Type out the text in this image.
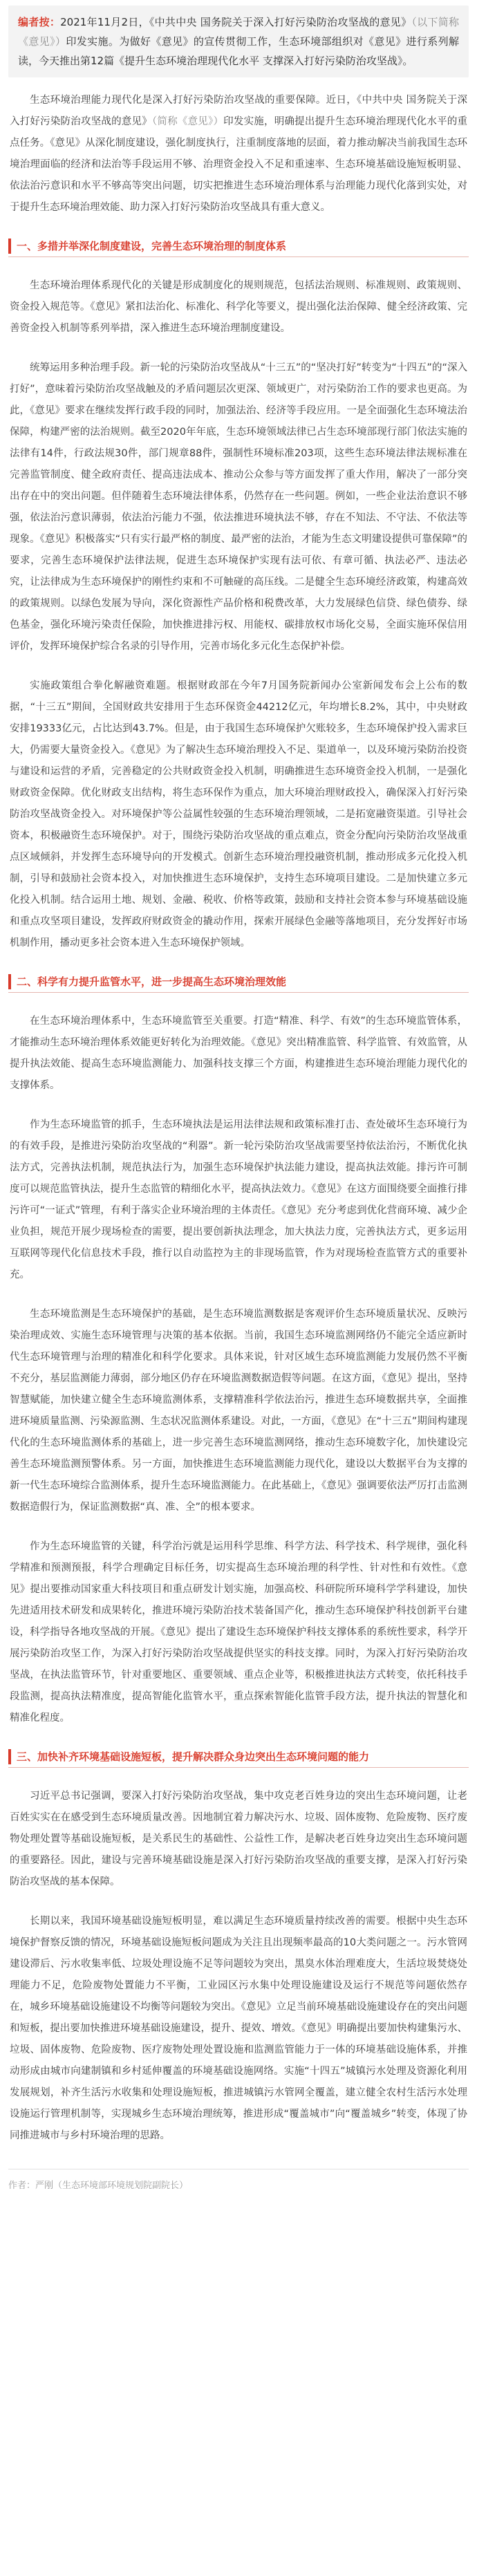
编者按：2021年11月2日，《中共中央 国务院关于深入打好污染防治攻坚战的意见》（以下简称《意见》）印发实施。为做好《意见》的宣传贯彻工作，生态环境部组织对《意见》进行系列解读，今天推出第12篇《提升生态环境治理现代化水平 支撑深入打好污染防治攻坚战》。

生态环境治理能力现代化是深入打好污染防治攻坚战的重要保障。近日，《中共中央 国务院关于深入打好污染防治攻坚战的意见》（简称《意见》）印发实施，明确提出提升生态环境治理现代化水平的重点任务。《意见》从深化制度建设，强化制度执行，注重制度落地的层面，着力推动解决当前我国生态环境治理面临的经济和法治等手段运用不够、治理资金投入不足和重速率、生态环境基础设施短板明显、依法治污意识和水平不够高等突出问题，切实把推进生态环境治理体系与治理能力现代化落到实处，对于提升生态环境治理效能、助力深入打好污染防治攻坚战具有重大意义。

一、多措并举深化制度建设，完善生态环境治理的制度体系

生态环境治理体系现代化的关键是形成制度化的规则规范，包括法治规则、标准规则、政策规则、资金投入规范等。《意见》紧扣法治化、标准化、科学化等要义，提出强化法治保障、健全经济政策、完善资金投入机制等系列举措，深入推进生态环境治理制度建设。

统筹运用多种治理手段。新一轮的污染防治攻坚战从“十三五”的“坚决打好”转变为“十四五”的“深入打好”，意味着污染防治攻坚战触及的矛盾问题层次更深、领域更广，对污染防治工作的要求也更高。为此，《意见》要求在继续发挥行政手段的同时，加强法治、经济等手段应用。一是全面强化生态环境法治保障，构建严密的法治规则。截至2020年年底，生态环境领域法律已占生态环境部现行部门依法实施的法律有14件，行政法规30件，部门规章88件，强制性环境标准203项，这些生态环境法律法规标准在完善监管制度、健全政府责任、提高违法成本、推动公众参与等方面发挥了重大作用，解决了一部分突出存在中的突出问题。但伴随着生态环境法律体系，仍然存在一些问题。例如，一些企业法治意识不够强，依法治污意识薄弱，依法治污能力不强，依法推进环境执法不够，存在不知法、不守法、不依法等现象。《意见》积极落实“只有实行最严格的制度、最严密的法治，才能为生态文明建设提供可靠保障”的要求，完善生态环境保护法律法规，促进生态环境保护实现有法可依、有章可循、执法必严、违法必究，让法律成为生态环境保护的刚性约束和不可触碰的高压线。二是健全生态环境经济政策，构建高效的政策规则。以绿色发展为导向，深化资源性产品价格和税费改革，大力发展绿色信贷、绿色债券、绿色基金，强化环境污染责任保险，加快推进排污权、用能权、碳排放权市场化交易，全面实施环保信用评价，发挥环境保护综合名录的引导作用，完善市场化多元化生态保护补偿。

实施政策组合拳化解融资难题。根据财政部在今年7月国务院新闻办公室新闻发布会上公布的数据，“十三五”期间，全国财政共安排用于生态环保资金44212亿元，年均增长8.2%，其中，中央财政安排19333亿元，占比达到43.7%。但是，由于我国生态环境保护欠账较多，生态环境保护投入需求巨大，仍需要大量资金投入。《意见》为了解决生态环境治理投入不足、渠道单一，以及环境污染防治投资与建设和运营的矛盾，完善稳定的公共财政资金投入机制，明确推进生态环境资金投入机制，一是强化财政资金保障。优化财政支出结构，将生态环保作为重点，加大环境治理财政投入，确保深入打好污染防治攻坚战资金投入。对环境保护等公益属性较强的生态环境治理领域，二是拓宽融资渠道。引导社会资本，积极融资生态环境保护。对于，围绕污染防治攻坚战的重点难点，资金分配向污染防治攻坚战重点区域倾斜，并发挥生态环境导向的开发模式。创新生态环境治理投融资机制，推动形成多元化投入机制，引导和鼓励社会资本投入，对加快推进生态环境保护，支持生态环境项目建设。二是加快建立多元化投入机制。结合运用土地、规划、金融、税收、价格等政策，鼓励和支持社会资本参与环境基础设施和重点攻坚项目建设，发挥政府财政资金的撬动作用，探索开展绿色金融等落地项目，充分发挥好市场机制作用，播动更多社会资本进入生态环境保护领域。

二、科学有力提升监管水平，进一步提高生态环境治理效能

在生态环境治理体系中，生态环境监管至关重要。打造“精准、科学、有效”的生态环境监管体系，才能推动生态环境治理体系效能更好转化为治理效能。《意见》突出精准监管、科学监管、有效监管，从提升执法效能、提高生态环境监测能力、加强科技支撑三个方面，构建推进生态环境治理能力现代化的支撑体系。

作为生态环境监管的抓手，生态环境执法是运用法律法规和政策标准打击、查处破坏生态环境行为的有效手段，是推进污染防治攻坚战的“利器”。新一轮污染防治攻坚战需要坚持依法治污，不断优化执法方式，完善执法机制，规范执法行为，加强生态环境保护执法能力建设，提高执法效能。排污许可制度可以规范监管执法，提升生态监管的精细化水平，提高执法效力。《意见》在这方面围绕要全面推行排污许可“一证式”管理，有利于落实企业环境治理的主体责任。《意见》充分考虑到优化营商环境、减少企业负担，规范开展少现场检查的需要，提出要创新执法理念，加大执法力度，完善执法方式，更多运用互联网等现代化信息技术手段，推行以自动监控为主的非现场监管，作为对现场检查监管方式的重要补充。

生态环境监测是生态环境保护的基础，是生态环境监测数据是客观评价生态环境质量状况、反映污染治理成效、实施生态环境管理与决策的基本依据。当前，我国生态环境监测网络仍不能完全适应新时代生态环境管理与治理的精准化和科学化要求。具体来说，针对区域生态环境监测能力发展仍然不平衡不充分，基层监测能力薄弱，部分地区仍存在环境监测数据造假等问题。在这方面，《意见》提出，坚持智慧赋能，加快建立健全生态环境监测体系，支撑精准科学依法治污，推进生态环境数据共享，全面推进环境质量监测、污染源监测、生态状况监测体系建设。对此，一方面，《意见》在“十三五”期间构建现代化的生态环境监测体系的基础上，进一步完善生态环境监测网络，推动生态环境数字化，加快建设完善生态环境监测预警体系。另一方面，加快推进生态环境监测能力现代化，建设以大数据平台为支撑的新一代生态环境综合监测体系，提升生态环境监测能力。在此基础上，《意见》强调要依法严厉打击监测数据造假行为，保证监测数据“真、准、全”的根本要求。

作为生态环境监管的关键，科学治污就是运用科学思维、科学方法、科学技术、科学规律，强化科学精准和预测预报，科学合理确定目标任务，切实提高生态环境治理的科学性、针对性和有效性。《意见》提出要推动国家重大科技项目和重点研发计划实施，加强高校、科研院所环境科学学科建设，加快先进适用技术研发和成果转化，推进环境污染防治技术装备国产化，推动生态环境保护科技创新平台建设，科学指导各地攻坚战的开展。《意见》提出了建设生态环境保护科技支撑体系的系统性要求，科学开展污染防治攻坚工作，为深入打好污染防治攻坚战提供坚实的科技支撑。同时，为深入打好污染防治攻坚战，在执法监管环节，针对重要地区、重要领域、重点企业等，积极推进执法方式转变，依托科技手段监测，提高执法精准度，提高智能化监管水平，重点探索智能化监管手段方法，提升执法的智慧化和精准化程度。

三、加快补齐环境基础设施短板，提升解决群众身边突出生态环境问题的能力

习近平总书记强调，要深入打好污染防治攻坚战，集中攻克老百姓身边的突出生态环境问题，让老百姓实实在在感受到生态环境质量改善。因地制宜着力解决污水、垃圾、固体废物、危险废物、医疗废物处理处置等基础设施短板，是关系民生的基础性、公益性工作，是解决老百姓身边突出生态环境问题的重要路径。因此，建设与完善环境基础设施是深入打好污染防治攻坚战的重要支撑，是深入打好污染防治攻坚战的基本保障。

长期以来，我国环境基础设施短板明显，难以满足生态环境质量持续改善的需要。根据中央生态环境保护督察反馈的情况，环境基础设施短板问题成为关注且出现频率最高的10大类问题之一。污水管网建设滞后、污水收集率低、垃圾处理设施不足等问题较为突出，黑臭水体治理难度大，生活垃圾焚烧处理能力不足，危险废物处置能力不平衡，工业园区污水集中处理设施建设及运行不规范等问题依然存在，城乡环境基础设施建设不均衡等问题较为突出。《意见》立足当前环境基础设施建设存在的突出问题和短板，提出要加快推进环境基础设施建设，提升、提效、增效。《意见》明确提出要加快构建集污水、垃圾、固体废物、危险废物、医疗废物处理处置设施和监测监管能力于一体的环境基础设施体系，并推动形成由城市向建制镇和乡村延伸覆盖的环境基础设施网络。实施“十四五”城镇污水处理及资源化利用发展规划，补齐生活污水收集和处理设施短板，推进城镇污水管网全覆盖，建立健全农村生活污水处理设施运行管理机制等，实现城乡生态环境治理统筹，推进形成“覆盖城市”向“覆盖城乡”转变，体现了协同推进城市与乡村环境治理的思路。

作者：严刚（生态环境部环境规划院副院长）
